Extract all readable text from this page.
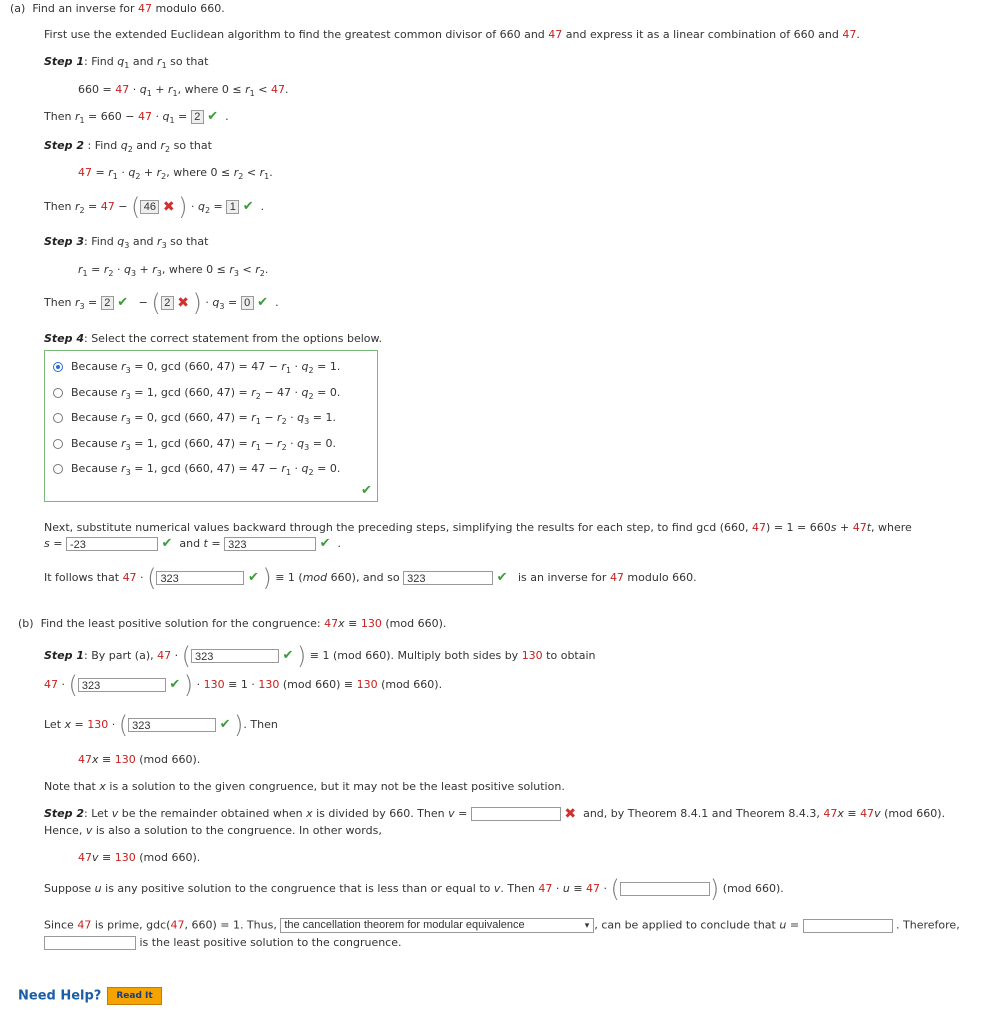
(a)  Find an inverse for 47 modulo 660.
First use the extended Euclidean algorithm to find the greatest common divisor of 660 and 47 and express it as a linear combination of 660 and 47.
Step 1: Find $q_1$ and $r_1$ so that
$660 = 47 \cdot q_1 + r_1$, where $0 \le r_1 < 47$.
Then $r_1 = 660 - 47 \cdot q_1 = 2$ ✔  .
Step 2 : Find $q_2$ and $r_2$ so that
$47 = r_1 \cdot q_2 + r_2$, where $0 \le r_2 < r_1$.
Then $r_2 = 47$ − ( 46 ✖ ) · $q_2 = 1$ ✔  .
Step 3: Find $q_3$ and $r_3$ so that
$r_1 = r_2 \cdot q_3 + r_3$, where $0 \le r_3 < r_2$.
Then $r_3 = 2$ ✔   − ( 2 ✖ ) · $q_3 = 0$ ✔  .
Step 4: Select the correct statement from the options below.
Because $r_3 = 0$, gcd (660, $47) = 47 - r_1 \cdot q_2 = 1$.
Because $r_3 = 1$, gcd (660, $47) = r_2 - 47 \cdot q_2 = 0$.
Because $r_3 = 0$, gcd (660, $47) = r_1 - r_2 \cdot q_3 = 1$.
Because $r_3 = 1$, gcd (660, $47) = r_1 - r_2 \cdot q_3 = 0$.
Because $r_3 = 1$, gcd (660, $47) = 47 - r_1 \cdot q_2 = 0$.
✔
Next, substitute numerical values backward through the preceding steps, simplifying the results for each step, to find gcd (660, 47) = 1 = 660s + 47t, where
s = -23	✔  and t = 323	✔  .
It follows that 47 · ( 323	✔ ) ≡ 1 (mod 660), and so 323	✔   is an inverse for 47 modulo 660.
(b)  Find the least positive solution for the congruence: 47x ≡ 130 (mod 660).
Step 1: By part (a), 47 · ( 323	✔ ) ≡ 1 (mod 660). Multiply both sides by 130 to obtain
47 · ( 323	✔ ) · 130 ≡ 1 · 130 (mod 660) ≡ 130 (mod 660).
Let x = 130 · ( 323	✔ ). Then
47x ≡ 130 (mod 660).
Note that x is a solution to the given congruence, but it may not be the least positive solution.
Step 2: Let v be the remainder obtained when x is divided by 660. Then v =	✖  and, by Theorem 8.4.1 and Theorem 8.4.3, 47x ≡ 47v (mod 660).
Hence, v is also a solution to the congruence. In other words,
47v ≡ 130 (mod 660).
Suppose u is any positive solution to the congruence that is less than or equal to v. Then 47 · u ≡ 47 · (	) (mod 660).
Since 47 is prime, gdc(47, 660) = 1. Thus, the cancellation theorem for modular equivalence	▾ , can be applied to conclude that u =	. Therefore,
is the least positive solution to the congruence.
Need Help? Read It
